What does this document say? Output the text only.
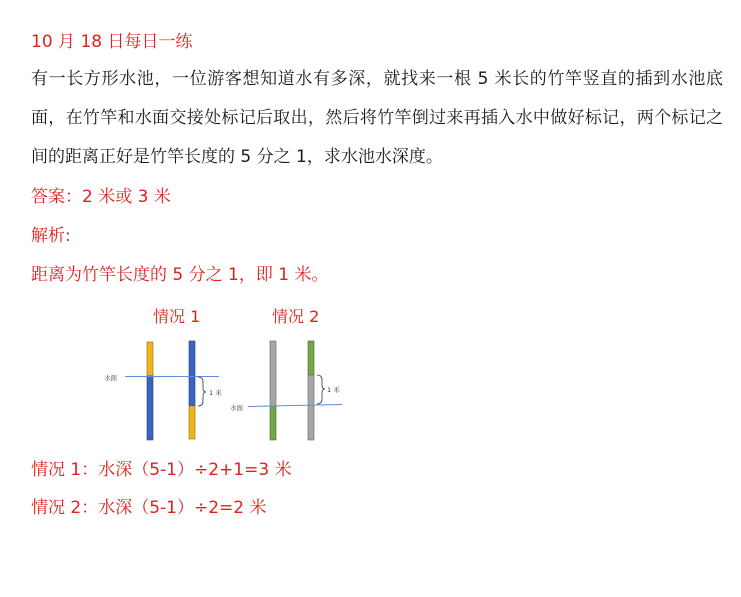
10 月 18 日每日一练
有一长方形水池，一位游客想知道水有多深，就找来一根 5 米长的竹竿竖直的插到水池底面，在竹竿和水面交接处标记后取出，然后将竹竿倒过来再插入水中做好标记，两个标记之间的距离正好是竹竿长度的 5 分之 1，求水池水深度。
答案：2 米或 3 米
解析:
距离为竹竿长度的 5 分之 1，即 1 米。
情况 1	情况 2
水面
1 米
水面
1 米
情况 1：水深（5-1）÷2+1=3 米
情况 2：水深（5-1）÷2=2 米
